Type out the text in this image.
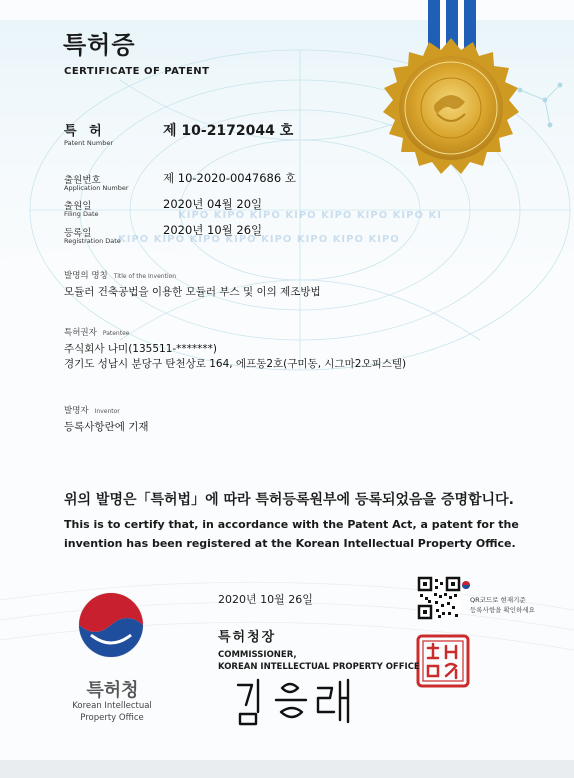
특허증
CERTIFICATE OF PATENT
특 허
Patent Number
제 10-2172044 호
출원번호
Application Number
제 10-2020-0047686 호
출원일
Filing Date
2020년 04월 20일
KIPO KIPO KIPO KIPO KIPO KIPO KIPO KI
KIPO KIPO KIPO KIPO KIPO KIPO KIPO KIPO
등록일
Registration Date
2020년 10월 26일
발명의 명칭 Title of the Invention
모듈러 건축공법을 이용한 모듈러 부스 및 이의 제조방법
특허권자 Patentee
주식회사 나미(135511-*******)
경기도 성남시 분당구 탄천상로 164, 에프동2호(구미동, 시그마2오피스텔)
발명자 Inventor
등록사항란에 기재
위의 발명은「특허법」에 따라 특허등록원부에 등록되었음을 증명합니다.
This is to certify that, in accordance with the Patent Act, a patent for the invention has been registered at the Korean Intellectual Property Office.
2020년 10월 26일
특허청장
COMMISSIONER,
KOREAN INTELLECTUAL PROPERTY OFFICE
QR코드로 현재기준
등록사항을 확인하세요
특허청
Korean Intellectual
Property Office
